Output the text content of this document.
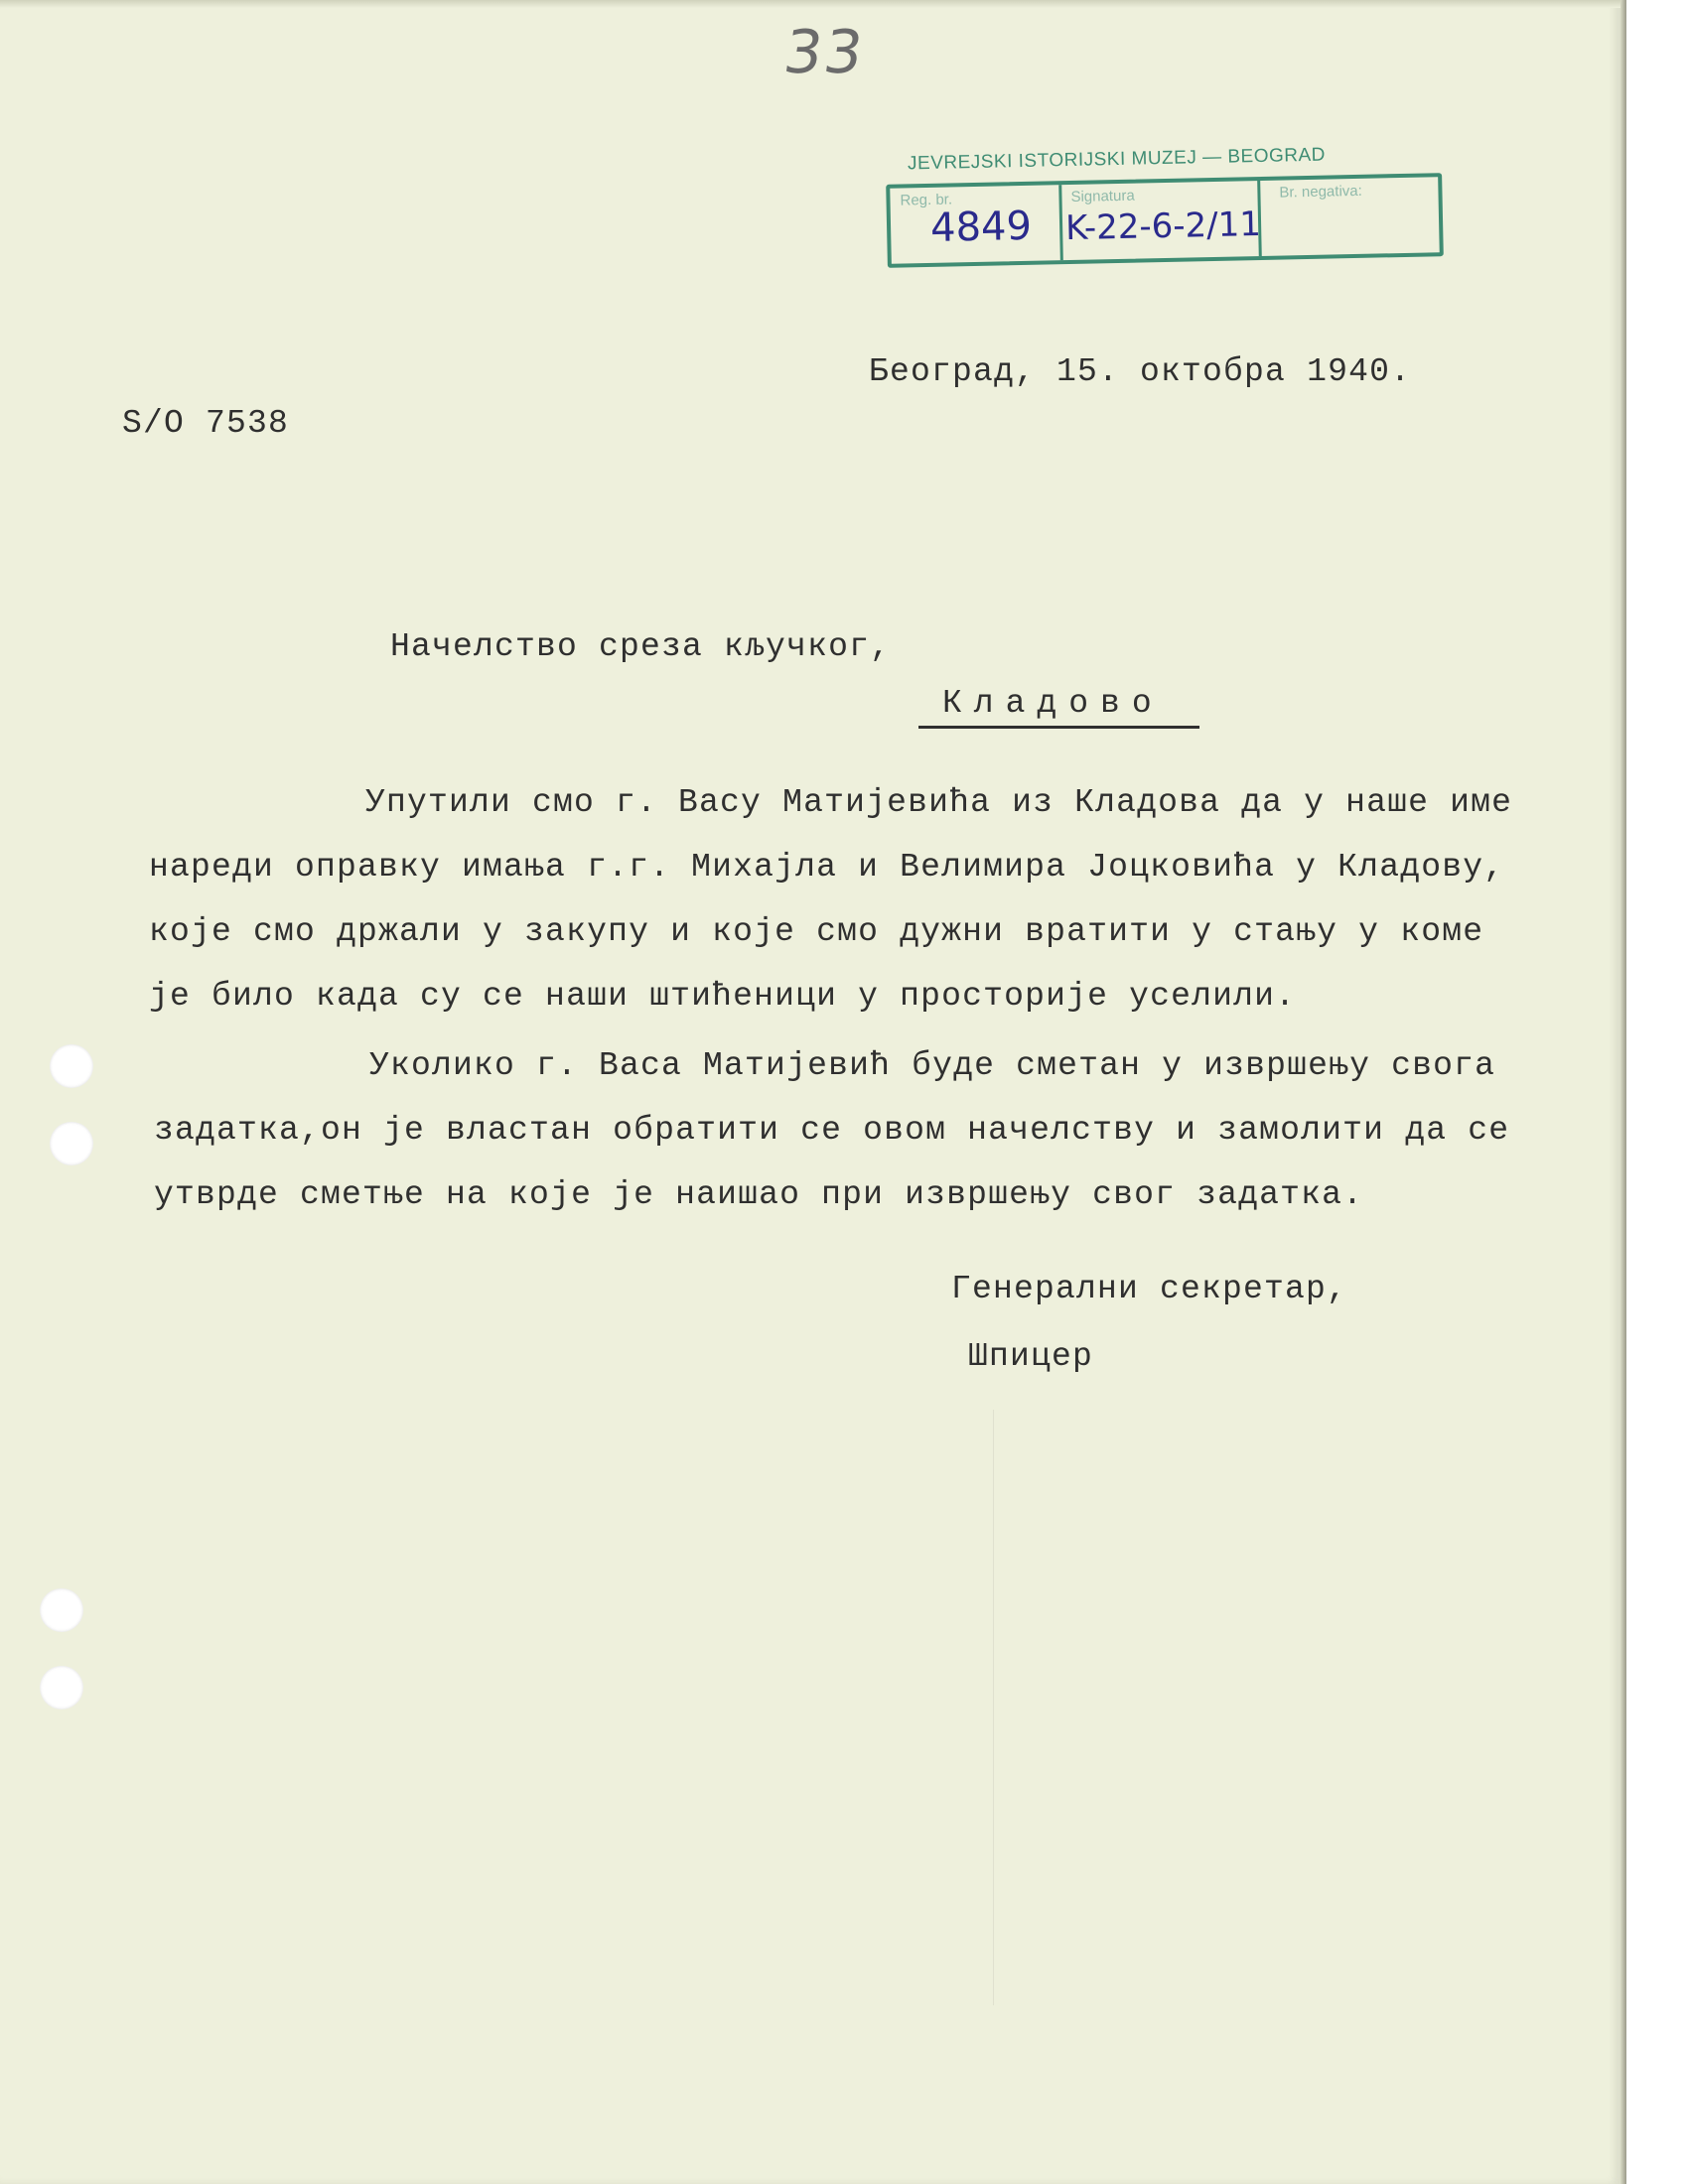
33
JEVREJSKI ISTORIJSKI MUZEJ — BEOGRAD
Reg. br.	Signatura	Br. negativa:
4849 K-22-6-2/11
Београд, 15. октобра 1940.
S/O 7538
Начелство среза кључког,
Кладово
Упутили смо г. Васу Матијевића из Кладова да у наше име
нареди оправку имања г.г. Михајла и Велимира Јоцковића у Кладову,
које смо држали у закупу и које смо дужни вратити у стању у коме
је било када су се наши штићеници у просторије уселили.
Уколико г. Васа Матијевић буде сметан у извршењу свога
задатка,он је властан обратити се овом начелству и замолити да се
утврде сметње на које је наишао при извршењу свог задатка.
Генерални секретар,
Шпицер
